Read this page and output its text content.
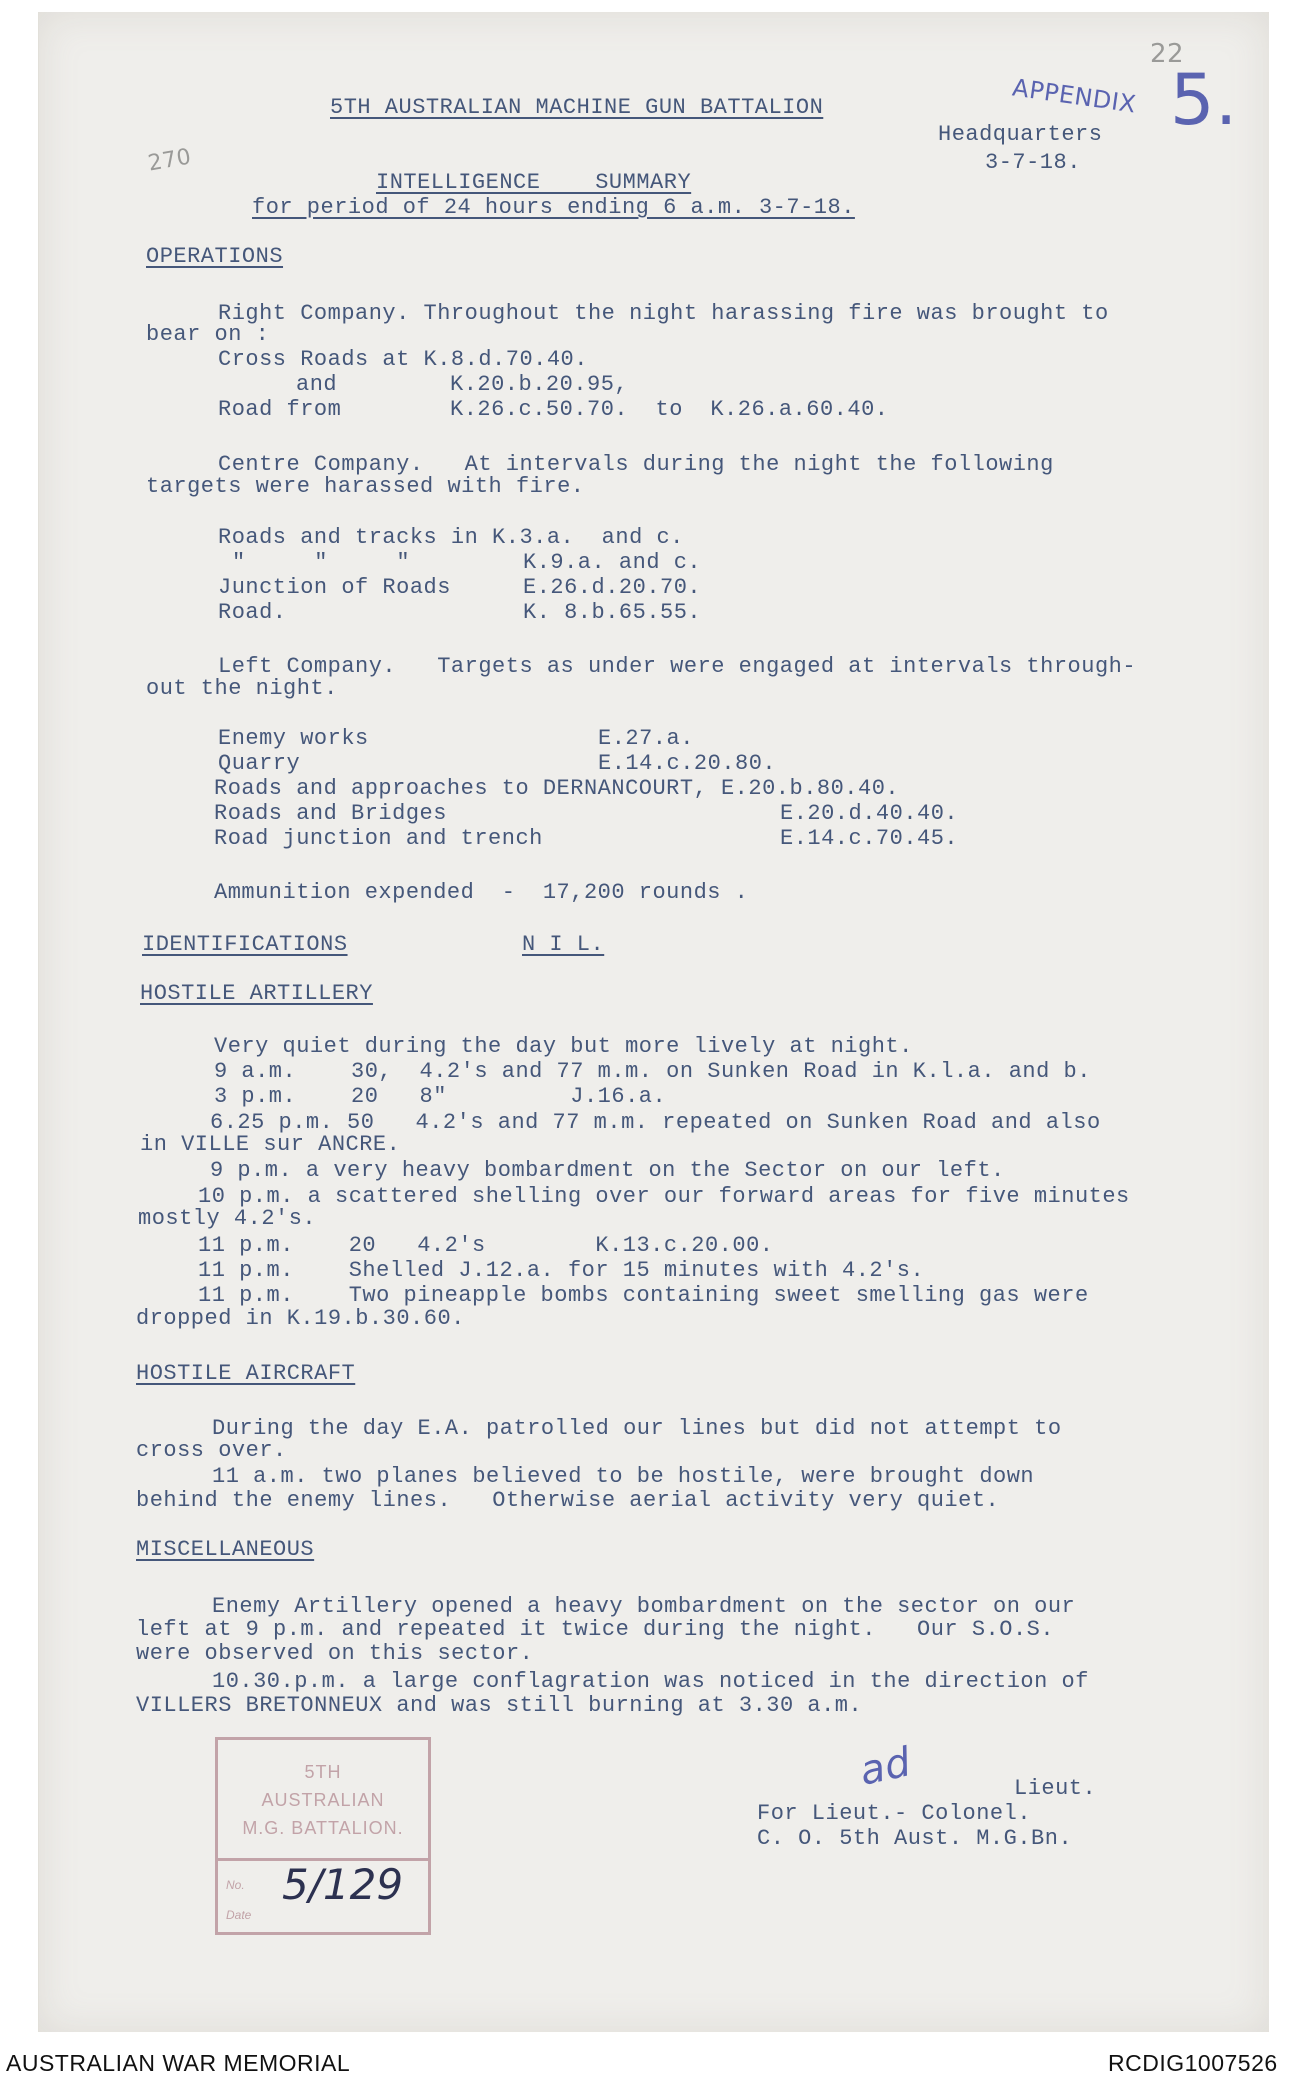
5TH AUSTRALIAN MACHINE GUN BATTALION	APPENDIX 5.
22
270
Headquarters
3-7-18.
INTELLIGENCE    SUMMARY
for period of 24 hours ending 6 a.m. 3-7-18.
OPERATIONS
Right Company. Throughout the night harassing fire was brought to
bear on :
Cross Roads at K.8.d.70.40.
and	K.20.b.20.95,
Road from	K.26.c.50.70.  to  K.26.a.60.40.
Centre Company.   At intervals during the night the following
targets were harassed with fire.
Roads and tracks in K.3.a.  and c.
"     "     "	K.9.a. and c.
Junction of Roads	E.26.d.20.70.
Road.	K. 8.b.65.55.
Left Company.   Targets as under were engaged at intervals through-
out the night.
Enemy works	E.27.a.
Quarry	E.14.c.20.80.
Roads and approaches to DERNANCOURT, E.20.b.80.40.
Roads and Bridges	E.20.d.40.40.
Road junction and trench	E.14.c.70.45.
Ammunition expended  -  17,200 rounds .
IDENTIFICATIONS	N I L.
HOSTILE ARTILLERY
Very quiet during the day but more lively at night.
9 a.m.    30,  4.2's and 77 m.m. on Sunken Road in K.l.a. and b.
3 p.m.    20   8"         J.16.a.
6.25 p.m. 50   4.2's and 77 m.m. repeated on Sunken Road and also
in VILLE sur ANCRE.
9 p.m. a very heavy bombardment on the Sector on our left.
10 p.m. a scattered shelling over our forward areas for five minutes
mostly 4.2's.
11 p.m.    20   4.2's        K.13.c.20.00.
11 p.m.    Shelled J.12.a. for 15 minutes with 4.2's.
11 p.m.    Two pineapple bombs containing sweet smelling gas were
dropped in K.19.b.30.60.
HOSTILE AIRCRAFT
During the day E.A. patrolled our lines but did not attempt to
cross over.
11 a.m. two planes believed to be hostile, were brought down
behind the enemy lines.   Otherwise aerial activity very quiet.
MISCELLANEOUS
Enemy Artillery opened a heavy bombardment on the sector on our
left at 9 p.m. and repeated it twice during the night.   Our S.O.S.
were observed on this sector.
10.30.p.m. a large conflagration was noticed in the direction of
VILLERS BRETONNEUX and was still burning at 3.30 a.m.
ad	Lieut.
For Lieut.- Colonel.
C. O. 5th Aust. M.G.Bn.
5TH
AUSTRALIAN
M.G. BATTALION.
No.
Date
5/129
AUSTRALIAN WAR MEMORIAL	RCDIG1007526
